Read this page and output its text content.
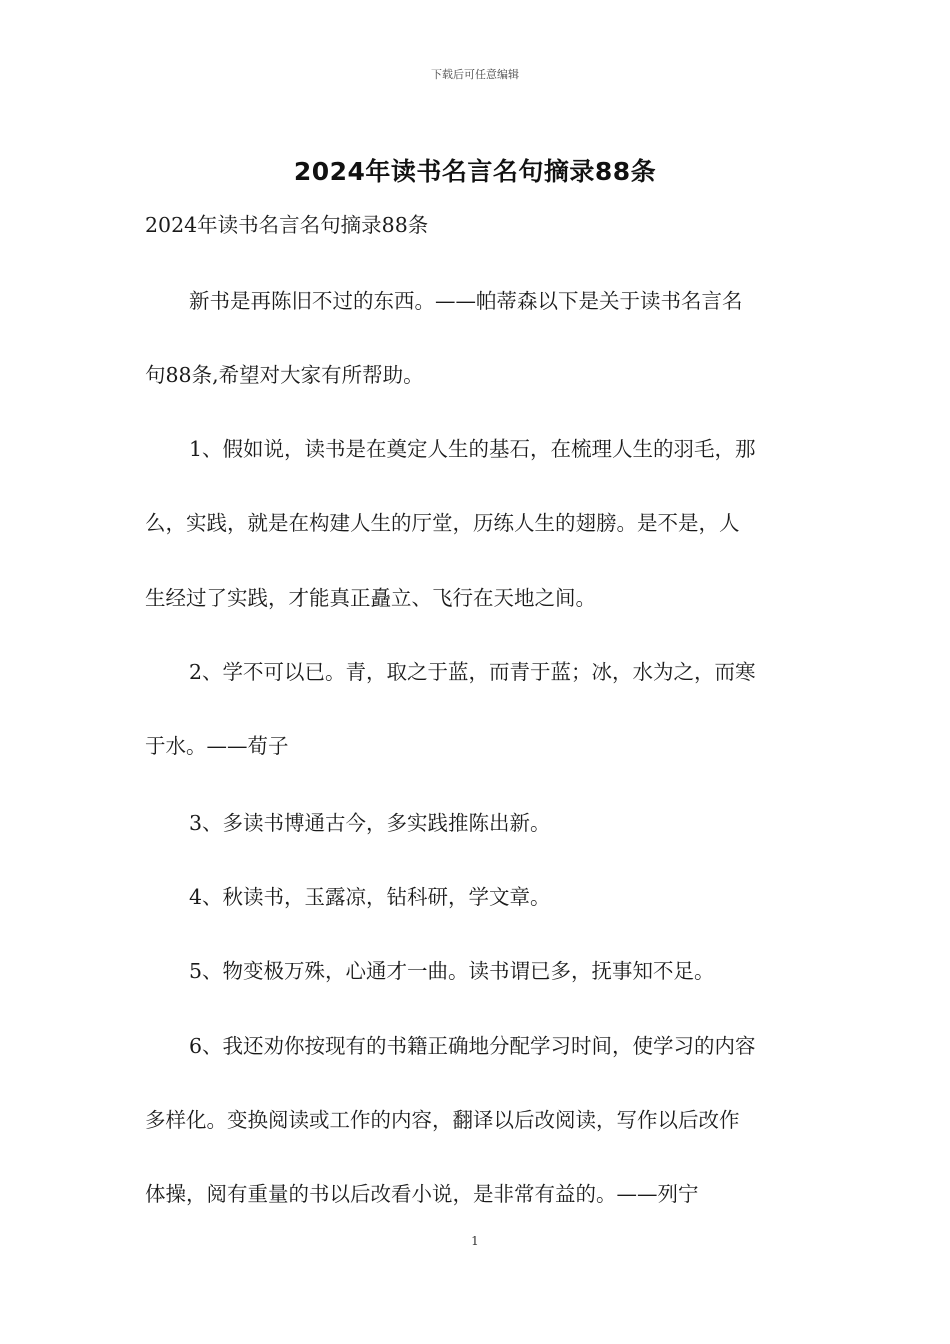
下载后可任意编辑
2024年读书名言名句摘录88条
2024年读书名言名句摘录88条
新书是再陈旧不过的东西。——帕蒂森以下是关于读书名言名
句88条,希望对大家有所帮助。
1、假如说，读书是在奠定人生的基石，在梳理人生的羽毛，那
么，实践，就是在构建人生的厅堂，历练人生的翅膀。是不是，人
生经过了实践，才能真正矗立、飞行在天地之间。
2、学不可以已。青，取之于蓝，而青于蓝；冰，水为之，而寒
于水。——荀子
3、多读书博通古今，多实践推陈出新。
4、秋读书，玉露凉，钻科研，学文章。
5、物变极万殊，心通才一曲。读书谓已多，抚事知不足。
6、我还劝你按现有的书籍正确地分配学习时间，使学习的内容
多样化。变换阅读或工作的内容，翻译以后改阅读，写作以后改作
体操，阅有重量的书以后改看小说，是非常有益的。——列宁
1
